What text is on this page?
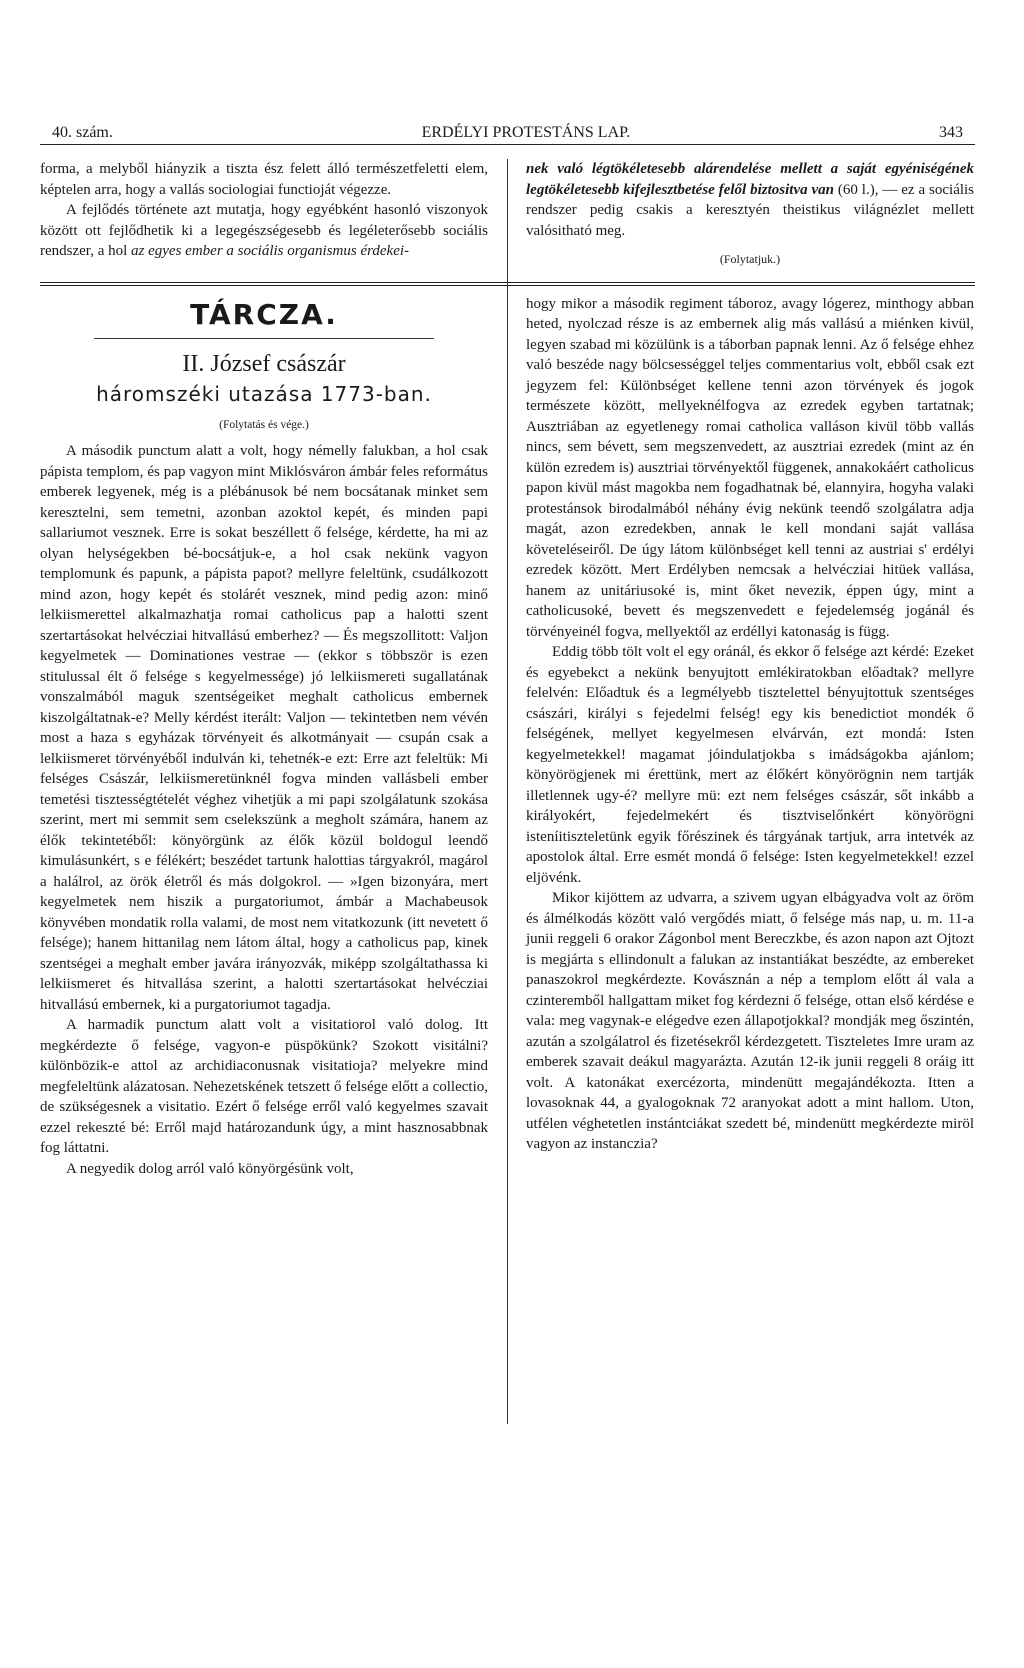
40. szám.	ERDÉLYI PROTESTÁNS LAP.	343

forma, a melyből hiányzik a tiszta ész felett álló természetfeletti elem, képtelen arra, hogy a vallás sociologiai functioját végezze.

A fejlődés története azt mutatja, hogy egyébként hasonló viszonyok között ott fejlődhetik ki a legegészségesebb és legéleterősebb sociális rendszer, a hol az egyes ember a sociális organismus érdekei-

nek való légtökéletesebb alárendelése mellett a saját egyéniségének legtökéletesebb kifejlesztbetése felől biztositva van (60 l.), — ez a sociális rendszer pedig csakis a keresztyén theistikus világnézlet mellett valósitható meg.

(Folytatjuk.)

TÁRCZA.
II. József császár
háromszéki utazása 1773-ban.
(Folytatás és vége.)

A második punctum alatt a volt, hogy némelly falukban, a hol csak pápista templom, és pap vagyon mint Miklósváron ámbár feles református emberek legyenek, még is a plébánusok bé nem bocsátanak minket sem keresztelni, sem temetni, azonban azoktol kepét, és minden papi sallariumot vesznek. Erre is sokat beszéllett ő felsége, kérdette, ha mi az olyan helységekben bé-bocsátjuk-e, a hol csak nekünk vagyon templomunk és papunk, a pápista papot? mellyre feleltünk, csudálkozott mind azon, hogy kepét és stolárét vesznek, mind pedig azon: minő lelkiismerettel alkalmazhatja romai catholicus pap a halotti szent szertartásokat helvécziai hitvallású emberhez? — És megszollitott: Valjon kegyelmetek — Dominationes vestrae — (ekkor s többször is ezen stitulussal élt ő felsége s kegyelmessége) jó lelkiismereti sugallatának vonszalmából maguk szentségeiket meghalt catholicus embernek kiszolgáltatnak-e? Melly kérdést iterált: Valjon — tekintetben nem vévén most a haza s egyházak törvényeit és alkotmányait — csupán csak a lelkiismeret törvényéből indulván ki, tehetnék-e ezt: Erre azt feleltük: Mi felséges Császár, lelkiismeretünknél fogva minden vallásbeli ember temetési tisztességtételét véghez vihetjük a mi papi szolgálatunk szokása szerint, mert mi semmit sem cselekszünk a megholt számára, hanem az élők tekintetéből: könyörgünk az élők közül boldogul leendő kimulásunkért, s e félékért; beszédet tartunk halottias tárgyakról, magárol a halálrol, az örök életről és más dolgokrol. — »Igen bizonyára, mert kegyelmetek nem hiszik a purgatoriumot, ámbár a Machabeusok könyvében mondatik rolla valami, de most nem vitatkozunk (itt nevetett ő felsége); hanem hittanilag nem látom által, hogy a catholicus pap, kinek szentségei a meghalt ember javára irányozvák, miképp szolgáltathassa ki lelkiismeret és hitvallása szerint, a halotti szertartásokat helvécziai hitvallású embernek, ki a purgatoriumot tagadja.

A harmadik punctum alatt volt a visitatiorol való dolog. Itt megkérdezte ő felsége, vagyon-e püspökünk? Szokott visitálni? különbözik-e attol az archidiaconusnak visitatioja? melyekre mind megfeleltünk alázatosan. Nehezetskének tetszett ő felsége előtt a collectio, de szükségesnek a visitatio. Ezért ő felsége erről való kegyelmes szavait ezzel rekeszté bé: Erről majd határozandunk úgy, a mint hasznosabbnak fog láttatni.

A negyedik dolog arról való könyörgésünk volt,

hogy mikor a második regiment táboroz, avagy lógerez, minthogy abban heted, nyolczad része is az embernek alig más vallású a miénken kivül, legyen szabad mi közülünk is a táborban papnak lenni. Az ő felsége ehhez való beszéde nagy bölcsességgel teljes commentarius volt, ebből csak ezt jegyzem fel: Különbséget kellene tenni azon törvények és jogok természete között, mellyeknélfogva az ezredek egyben tartatnak; Ausztriában az egyetlenegy romai catholica valláson kivül több vallás nincs, sem bévett, sem megszenvedett, az ausztriai ezredek (mint az én külön ezredem is) ausztriai törvényektől függenek, annakokáért catholicus papon kivül mást magokba nem fogadhatnak bé, elannyira, hogyha valaki protestánsok birodalmából néhány évig nekünk teendő szolgálatra adja magát, azon ezredekben, annak le kell mondani saját vallása követeléseiről. De úgy látom különbséget kell tenni az austriai s' erdélyi ezredek között. Mert Erdélyben nemcsak a helvécziai hitüek vallása, hanem az unitáriusoké is, mint őket nevezik, éppen úgy, mint a catholicusoké, bevett és megszenvedett e fejedelemség jogánál és törvényeinél fogva, mellyektől az erdéllyi katonaság is függ.

Eddig több tölt volt el egy oránál, és ekkor ő felsége azt kérdé: Ezeket és egyebekct a nekünk benyujtott emlékiratokban előadtak? mellyre felelvén: Előadtuk és a legmélyebb tisztelettel bényujtottuk szentséges császári, királyi s fejedelmi felség! egy kis benedictiot mondék ő felségének, mellyet kegyelmesen elvárván, ezt mondá: Isten kegyelmetekkel! magamat jóindulatjokba s imádságokba ajánlom; könyörögjenek mi érettünk, mert az élőkért könyörögnin nem tartják illetlennek ugy-é? mellyre mü: ezt nem felséges császár, sőt inkább a királyokért, fejedelmekért és tisztviselőnkért könyörögni isteníitiszteletünk egyik főrészinek és tárgyának tartjuk, arra intetvék az apostolok által. Erre esmét mondá ő felsége: Isten kegyelmetekkel! ezzel eljövénk.

Mikor kijöttem az udvarra, a szivem ugyan elbágyadva volt az öröm és álmélkodás között való vergődés miatt, ő felsége más nap, u. m. 11-a junii reggeli 6 orakor Zágonbol ment Bereczkbe, és azon napon azt Ojtozt is megjárta s ellindonult a falukan az instantiákat beszédte, az embereket panaszokrol megkérdezte. Kovásznán a nép a templom előtt ál vala a czinteremből hallgattam miket fog kérdezni ő felsége, ottan első kérdése e vala: meg vagynak-e elégedve ezen állapotjokkal? mondják meg őszintén, azután a szolgálatrol és fizetésekről kérdezgetett. Tiszteletes Imre uram az emberek szavait deákul magyarázta. Azután 12-ik junii reggeli 8 oráig itt volt. A katonákat exercézorta, mindenütt megajándékozta. Itten a lovasoknak 44, a gyalogoknak 72 aranyokat adott a mint hallom. Uton, utfélen véghetetlen instántciákat szedett bé, mindenütt megkérdezte miröl vagyon az instanczia?
